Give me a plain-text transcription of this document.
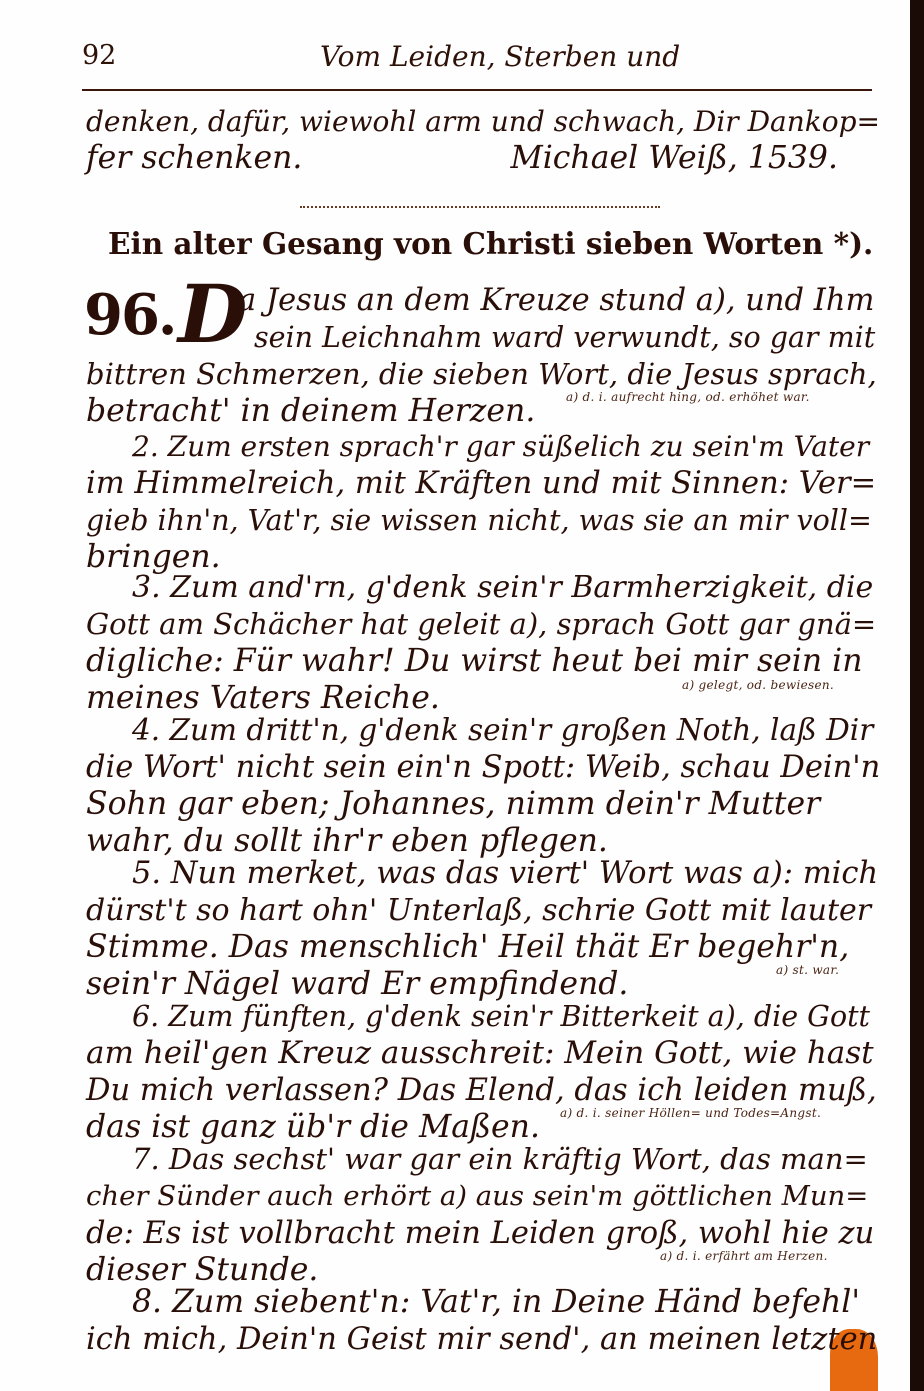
92	Vom Leiden, Sterben und
denken, dafür, wiewohl arm und schwach, Dir Dankop=
fer schenken.	Michael Weiß, 1539.
Ein alter Gesang von Christi sieben Worten *).
96. D
a Jesus an dem Kreuze stund a), und Ihm
sein Leichnahm ward verwundt, so gar mit
bittren Schmerzen, die sieben Wort, die Jesus sprach,
betracht' in deinem Herzen.	a) d. i. aufrecht hing, od. erhöhet war.
2. Zum ersten sprach'r gar süßelich zu sein'm Vater
im Himmelreich, mit Kräften und mit Sinnen: Ver=
gieb ihn'n, Vat'r, sie wissen nicht, was sie an mir voll=
bringen.
3. Zum and'rn, g'denk sein'r Barmherzigkeit, die
Gott am Schächer hat geleit a), sprach Gott gar gnä=
digliche: Für wahr! Du wirst heut bei mir sein in
meines Vaters Reiche.	a) gelegt, od. bewiesen.
4. Zum dritt'n, g'denk sein'r großen Noth, laß Dir
die Wort' nicht sein ein'n Spott: Weib, schau Dein'n
Sohn gar eben; Johannes, nimm dein'r Mutter
wahr, du sollt ihr'r eben pflegen.
5. Nun merket, was das viert' Wort was a): mich
dürst't so hart ohn' Unterlaß, schrie Gott mit lauter
Stimme. Das menschlich' Heil thät Er begehr'n,
sein'r Nägel ward Er empfindend.	a) st. war.
6. Zum fünften, g'denk sein'r Bitterkeit a), die Gott
am heil'gen Kreuz ausschreit: Mein Gott, wie hast
Du mich verlassen? Das Elend, das ich leiden muß,
das ist ganz üb'r die Maßen.	a) d. i. seiner Höllen= und Todes=Angst.
7. Das sechst' war gar ein kräftig Wort, das man=
cher Sünder auch erhört a) aus sein'm göttlichen Mun=
de: Es ist vollbracht mein Leiden groß, wohl hie zu
dieser Stunde.	a) d. i. erfährt am Herzen.
8. Zum siebent'n: Vat'r, in Deine Händ befehl'
ich mich, Dein'n Geist mir send', an meinen letzten
